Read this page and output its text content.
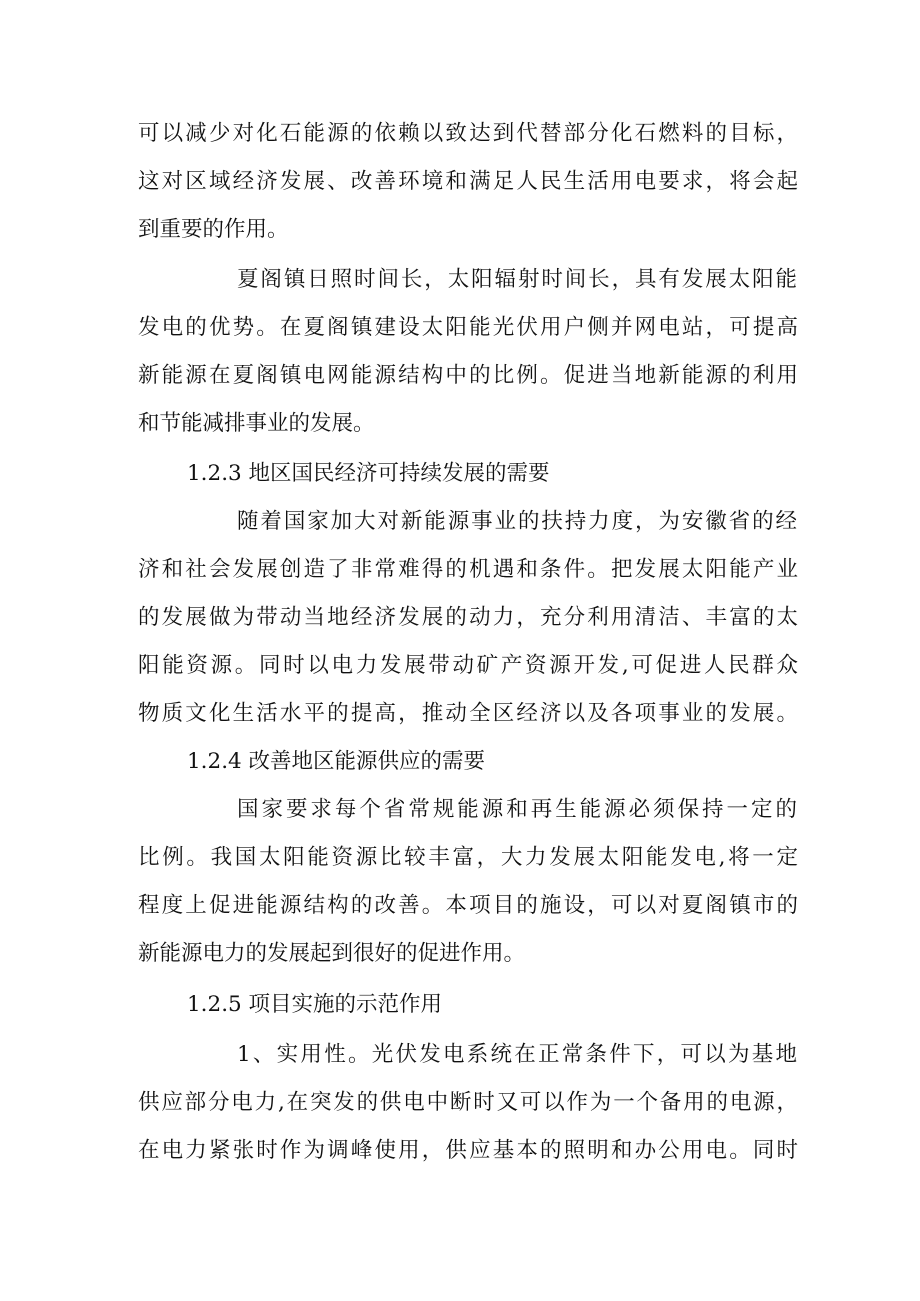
可以减少对化石能源的依赖以致达到代替部分化石燃料的目标，
这对区域经济发展、改善环境和满足人民生活用电要求，将会起
到重要的作用。
夏阁镇日照时间长，太阳辐射时间长，具有发展太阳能
发电的优势。在夏阁镇建设太阳能光伏用户侧并网电站，可提高
新能源在夏阁镇电网能源结构中的比例。促进当地新能源的利用
和节能减排事业的发展。
1.2.3 地区国民经济可持续发展的需要
随着国家加大对新能源事业的扶持力度，为安徽省的经
济和社会发展创造了非常难得的机遇和条件。把发展太阳能产业
的发展做为带动当地经济发展的动力，充分利用清洁、丰富的太
阳能资源。同时以电力发展带动矿产资源开发,可促进人民群众
物质文化生活水平的提高，推动全区经济以及各项事业的发展。
1.2.4 改善地区能源供应的需要
国家要求每个省常规能源和再生能源必须保持一定的
比例。我国太阳能资源比较丰富，大力发展太阳能发电,将一定
程度上促进能源结构的改善。本项目的施设，可以对夏阁镇市的
新能源电力的发展起到很好的促进作用。
1.2.5 项目实施的示范作用
1、实用性。光伏发电系统在正常条件下，可以为基地
供应部分电力,在突发的供电中断时又可以作为一个备用的电源，
在电力紧张时作为调峰使用，供应基本的照明和办公用电。同时
